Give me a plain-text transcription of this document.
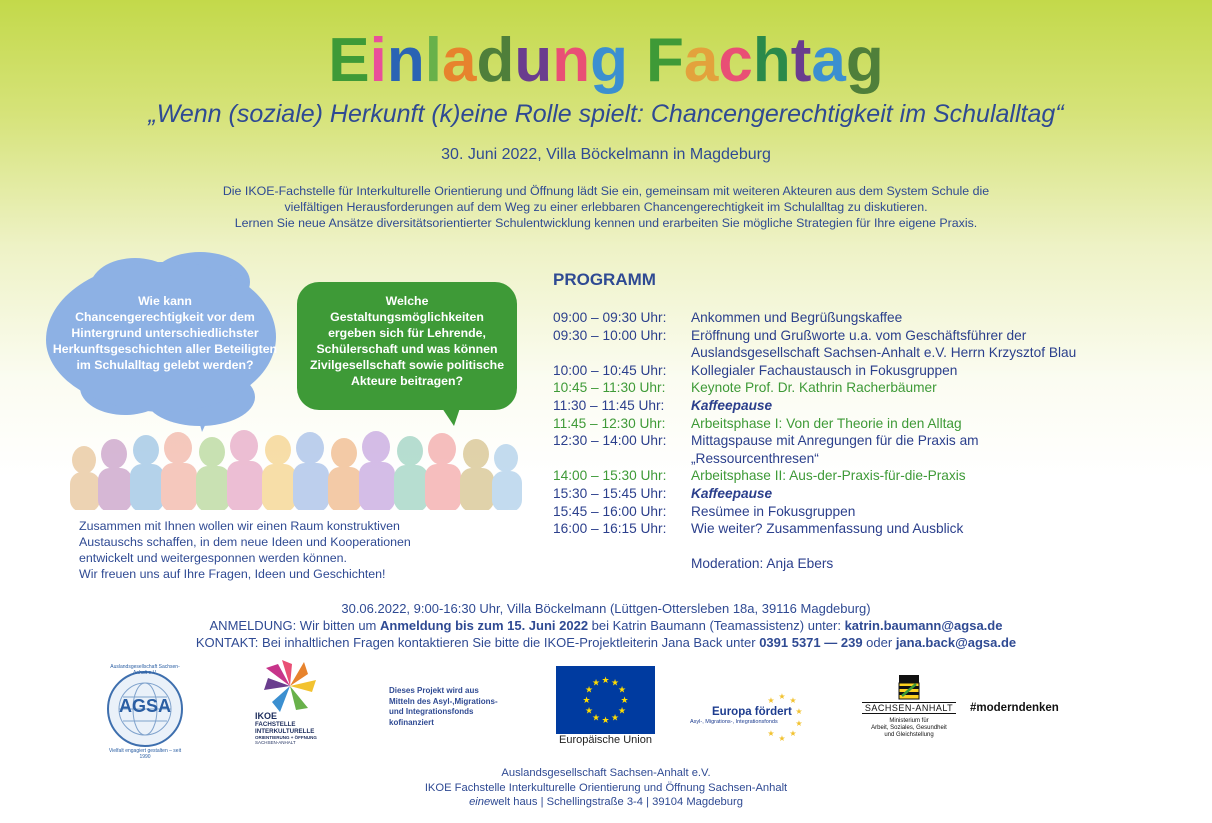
Einladung Fachtag
„Wenn (soziale) Herkunft (k)eine Rolle spielt: Chancengerechtigkeit im Schulalltag“
30. Juni 2022, Villa Böckelmann in Magdeburg
Die IKOE-Fachstelle für Interkulturelle Orientierung und Öffnung lädt Sie ein, gemeinsam mit weiteren Akteuren aus dem System Schule die
vielfältigen Herausforderungen auf dem Weg zu einer erlebbaren Chancengerechtigkeit im Schulalltag zu diskutieren.
Lernen Sie neue Ansätze diversitätsorientierter Schulentwicklung kennen und erarbeiten Sie mögliche Strategien für Ihre eigene Praxis.
Wie kann
Chancengerechtigkeit vor dem
Hintergrund unterschiedlichster
Herkunftsgeschichten aller Beteiligten
im Schulalltag gelebt werden?
Welche
Gestaltungsmöglichkeiten
ergeben sich für Lehrende,
Schülerschaft und was können
Zivilgesellschaft sowie politische
Akteure beitragen?
Zusammen mit Ihnen wollen wir einen Raum konstruktiven
Austauschs schaffen, in dem neue Ideen und Kooperationen
entwickelt und weitergesponnen werden können.
Wir freuen uns auf Ihre Fragen, Ideen und Geschichten!
PROGRAMM
09:00 – 09:30 Uhr:	Ankommen und Begrüßungskaffee
09:30 – 10:00 Uhr:	Eröffnung und Grußworte u.a. vom Geschäftsführer der
Auslandsgesellschaft Sachsen-Anhalt e.V. Herrn Krzysztof Blau
10:00 – 10:45 Uhr:	Kollegialer Fachaustausch in Fokusgruppen
10:45 – 11:30 Uhr:	Keynote Prof. Dr. Kathrin Racherbäumer
11:30 – 11:45 Uhr:	Kaffeepause
11:45 – 12:30 Uhr:	Arbeitsphase I: Von der Theorie in den Alltag
12:30 – 14:00 Uhr:	Mittagspause mit Anregungen für die Praxis am
„Ressourcenthresen“
14:00 – 15:30 Uhr:	Arbeitsphase II: Aus-der-Praxis-für-die-Praxis
15:30 – 15:45 Uhr:	Kaffeepause
15:45 – 16:00 Uhr:	Resümee in Fokusgruppen
16:00 – 16:15 Uhr:	Wie weiter? Zusammenfassung und Ausblick
Moderation: Anja Ebers
30.06.2022, 9:00-16:30 Uhr, Villa Böckelmann (Lüttgen-Ottersleben 18a, 39116 Magdeburg)
ANMELDUNG: Wir bitten um Anmeldung bis zum 15. Juni 2022 bei Katrin Baumann (Teamassistenz) unter: katrin.baumann@agsa.de
KONTAKT: Bei inhaltlichen Fragen kontaktieren Sie bitte die IKOE-Projektleiterin Jana Back unter 0391 5371 — 239 oder jana.back@agsa.de
AGSA
Auslandsgesellschaft Sachsen-Anhalt e.V.
Vielfalt engagiert gestalten – seit 1990
IKOE
FACHSTELLE
INTERKULTURELLE
ORIENTIERUNG + ÖFFNUNG
SACHSEN-ANHALT
Dieses Projekt wird aus
Mitteln des Asyl-,Migrations-
und Integrationsfonds
kofinanziert
★ ★
★
★
★
★
★
★
★
★
★
★
Europäische Union
★ ★
★
★
★
★
★
★
Europa fördert
Asyl-, Migrations-, Integrationsfonds
SACHSEN-ANHALT
Ministerium für
Arbeit, Soziales, Gesundheit
und Gleichstellung
#moderndenken
Auslandsgesellschaft Sachsen-Anhalt e.V.
IKOE Fachstelle Interkulturelle Orientierung und Öffnung Sachsen-Anhalt
einewelt haus | Schellingstraße 3-4 | 39104 Magdeburg
